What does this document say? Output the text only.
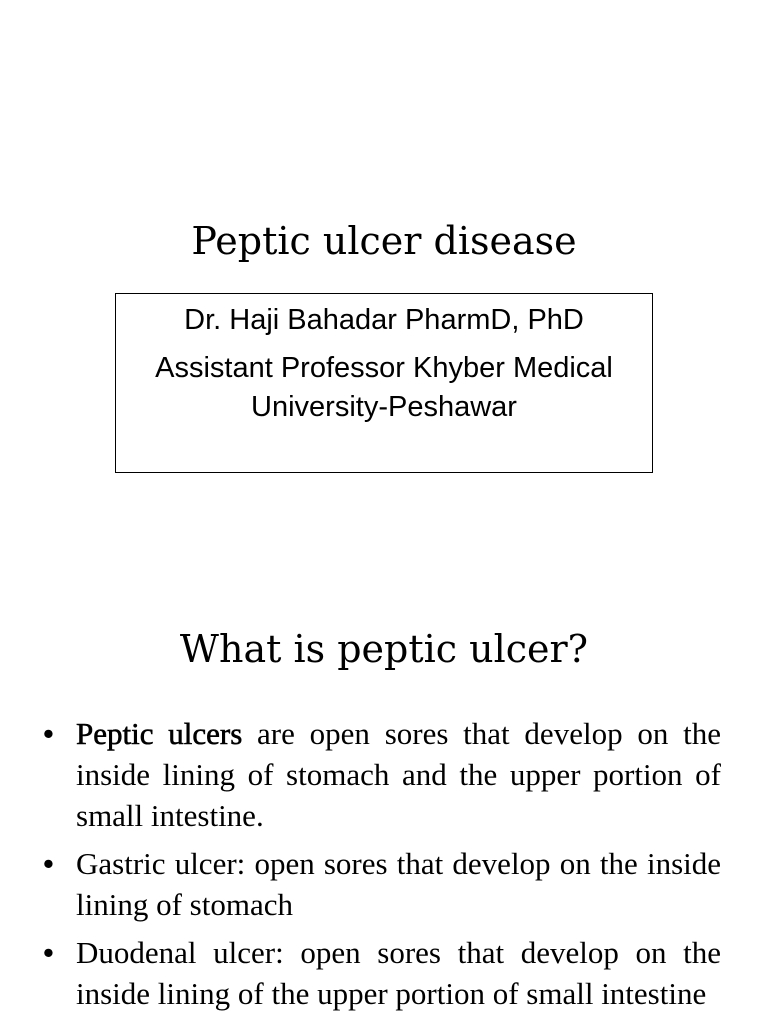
Peptic ulcer disease
Dr. Haji Bahadar PharmD, PhD
Assistant Professor Khyber Medical University-Peshawar
What is peptic ulcer?
• Peptic ulcers are open sores that develop on the inside lining of stomach and the upper portion of small intestine.
• Gastric ulcer: open sores that develop on the inside lining of stomach
• Duodenal ulcer: open sores that develop on the inside lining of the upper portion of small intestine
